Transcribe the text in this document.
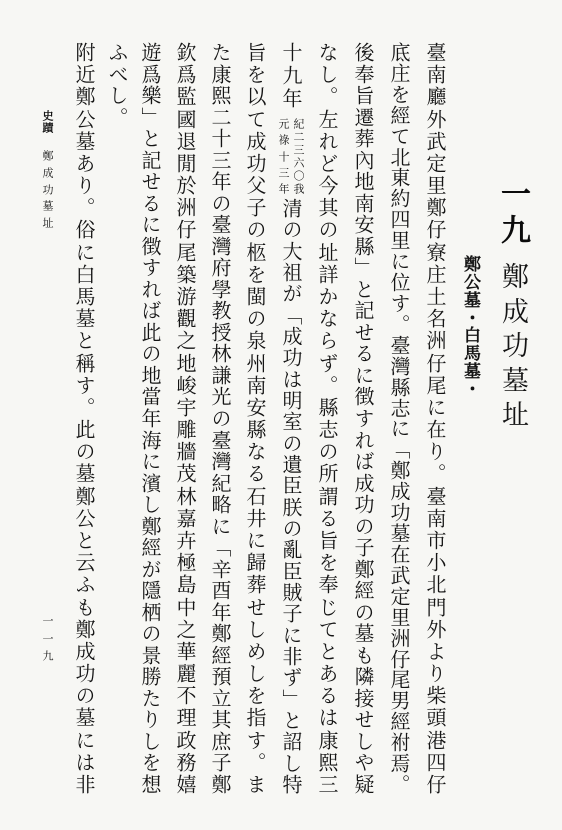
一
九
鄭
成
功
墓
址
鄭
公
墓
・
白
馬
墓
・
臺
南
廳
外
武
定
里
鄭
仔
寮
庄
土
名
洲
仔
尾
に
在
り
。
臺
南
市
小
北
門
外
よ
り
柴
頭
港
四
仔
底
庄
を
經
て
北
東
約
四
里
に
位
す
。
臺
灣
縣
志
に
「
鄭
成
功
墓
在
武
定
里
洲
仔
尾
男
經
祔
焉
。
後
奉
旨
遷
葬
內
地
南
安
縣
」
と
記
せ
る
に
徴
す
れ
ば
成
功
の
子
鄭
經
の
墓
も
隣
接
せ
し
や
疑
な
し
。
左
れ
ど
今
其
の
址
詳
か
な
ら
ず
。
縣
志
の
所
謂
る
旨
を
奉
じ
て
と
あ
る
は
康
熙
三
十
九
年
紀
二
三
六
〇
我
元
祿
十
三
年
清
の
大
祖
が
「
成
功
は
明
室
の
遺
臣
朕
の
亂
臣
賊
子
に
非
ず
」
と
詔
し
特
旨
を
以
て
成
功
父
子
の
柩
を
閩
の
泉
州
南
安
縣
な
る
石
井
に
歸
葬
せ
し
め
し
を
指
す
。
ま
た
康
熙
二
十
三
年
の
臺
灣
府
學
教
授
林
謙
光
の
臺
灣
紀
略
に
「
辛
酉
年
鄭
經
預
立
其
庶
子
鄭
欽
爲
監
國
退
閒
於
洲
仔
尾
築
游
觀
之
地
峻
宇
雕
牆
茂
林
嘉
卉
極
島
中
之
華
麗
不
理
政
務
嬉
遊
爲
樂
」
と
記
せ
る
に
徴
す
れ
ば
此
の
地
當
年
海
に
濱
し
鄭
經
が
隱
栖
の
景
勝
た
り
し
を
想
ふ
べ
し
。
附
近
鄭
公
墓
あ
り
。
俗
に
白
馬
墓
と
稱
す
。
此
の
墓
鄭
公
と
云
ふ
も
鄭
成
功
の
墓
に
は
非
史
蹟
鄭
成
功
墓
址
一
一
九
